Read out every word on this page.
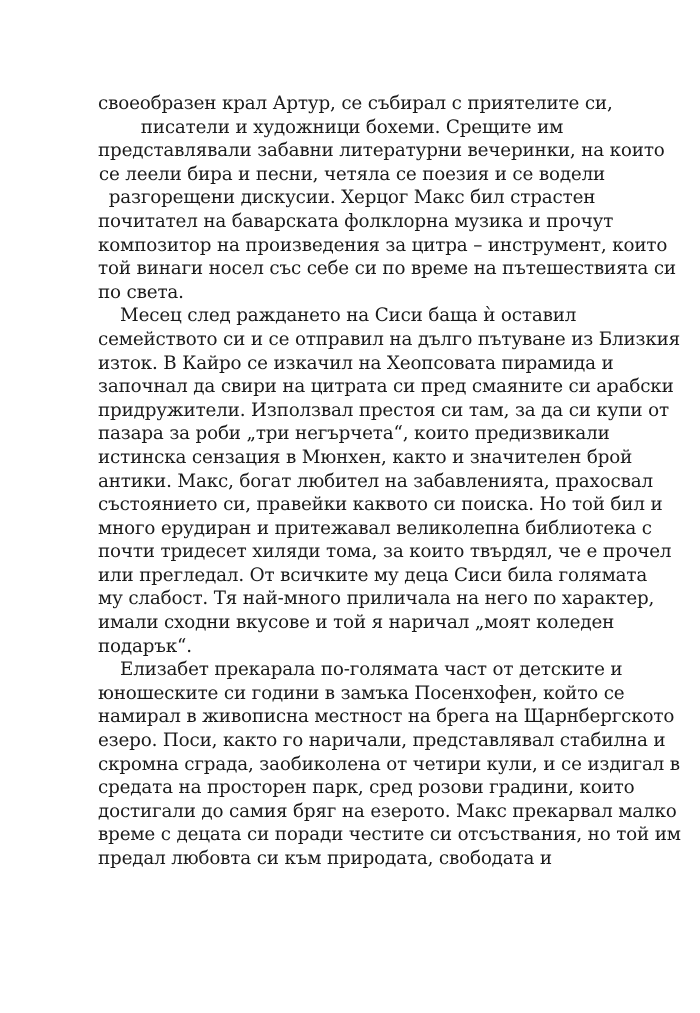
своеобразен крал Артур, се събирал с приятелите си,
писатели и художници бохеми. Срещите им
представлявали забавни литературни вечеринки, на които
се леели бира и песни, четяла се поезия и се водели
разгорещени дискусии. Херцог Макс бил страстен
почитател на баварската фолклорна музика и прочут
композитор на произведения за цитра – инструмент, които
той винаги носел със себе си по време на пътешествията си
по света.
Месец след раждането на Сиси баща ѝ оставил
семейството си и се отправил на дълго пътуване из Близкия
изток. В Кайро се изкачил на Хеопсовата пирамида и
започнал да свири на цитрата си пред смаяните си арабски
придружители. Използвал престоя си там, за да си купи от
пазара за роби „три негърчета“, които предизвикали
истинска сензация в Мюнхен, както и значителен брой
антики. Макс, богат любител на забавленията, прахосвал
състоянието си, правейки каквото си поиска. Но той бил и
много ерудиран и притежавал великолепна библиотека с
почти тридесет хиляди тома, за които твърдял, че е прочел
или прегледал. От всичките му деца Сиси била голямата
му слабост. Тя най-много приличала на него по характер,
имали сходни вкусове и той я наричал „моят коледен
подарък“.
Елизабет прекарала по-голямата част от детските и
юношеските си години в замъка Посенхофен, който се
намирал в живописна местност на брега на Щарнбергското
езеро. Поси, както го наричали, представлявал стабилна и
скромна сграда, заобиколена от четири кули, и се издигал в
средата на просторен парк, сред розови градини, които
достигали до самия бряг на езерото. Макс прекарвал малко
време с децата си поради честите си отсъствания, но той им
предал любовта си към природата, свободата и
